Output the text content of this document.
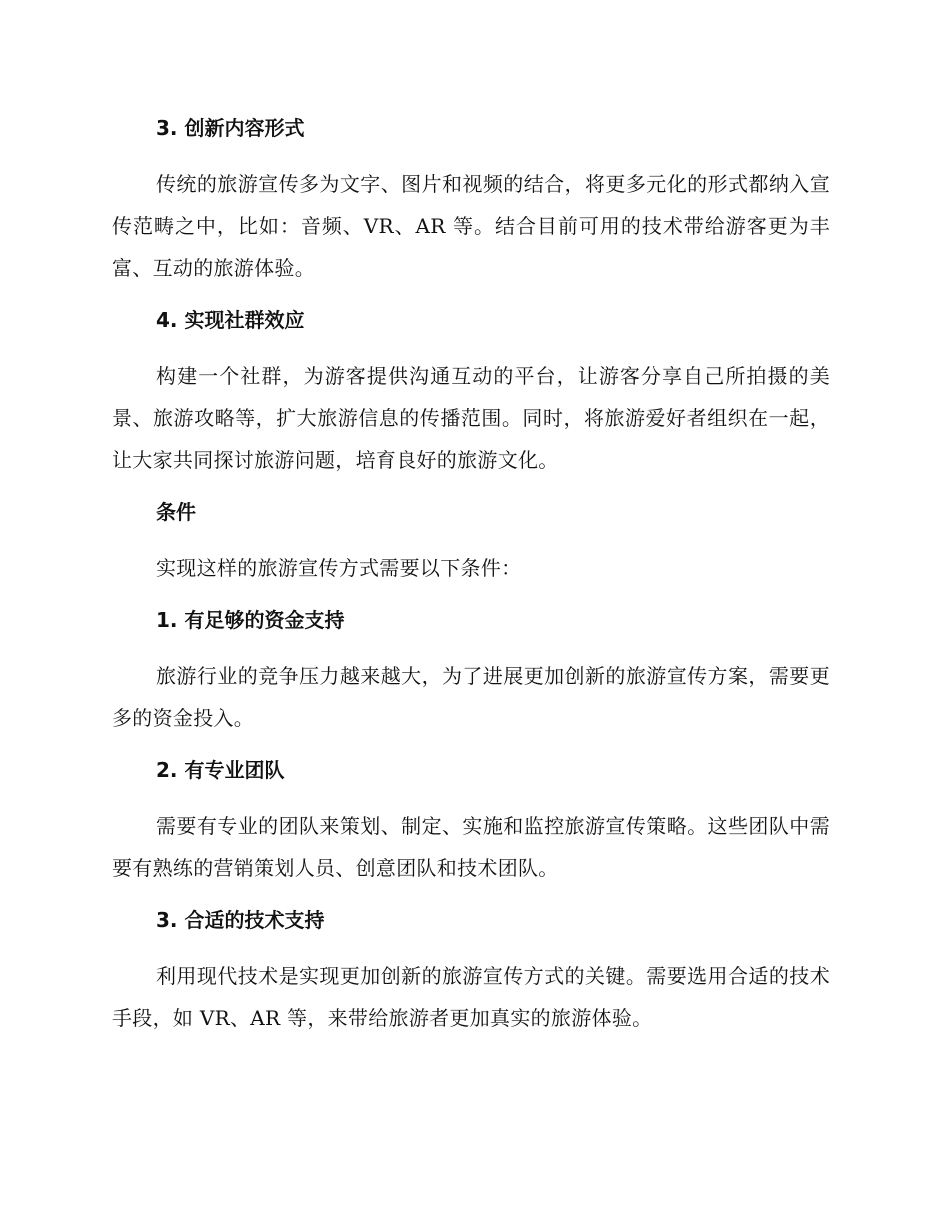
3. 创新内容形式

传统的旅游宣传多为文字、图片和视频的结合，将更多元化的形式都纳入宣传范畴之中，比如：音频、VR、AR 等。结合目前可用的技术带给游客更为丰富、互动的旅游体验。

4. 实现社群效应

构建一个社群，为游客提供沟通互动的平台，让游客分享自己所拍摄的美景、旅游攻略等，扩大旅游信息的传播范围。同时，将旅游爱好者组织在一起，让大家共同探讨旅游问题，培育良好的旅游文化。

条件

实现这样的旅游宣传方式需要以下条件：

1. 有足够的资金支持

旅游行业的竞争压力越来越大，为了进展更加创新的旅游宣传方案，需要更多的资金投入。

2. 有专业团队

需要有专业的团队来策划、制定、实施和监控旅游宣传策略。这些团队中需要有熟练的营销策划人员、创意团队和技术团队。

3. 合适的技术支持

利用现代技术是实现更加创新的旅游宣传方式的关键。需要选用合适的技术手段，如 VR、AR 等，来带给旅游者更加真实的旅游体验。
